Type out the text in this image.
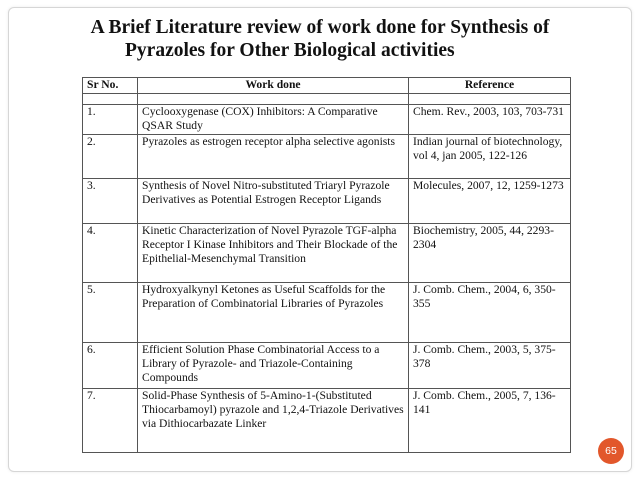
A Brief Literature review of work done for Synthesis of
Pyrazoles for Other Biological activities
Sr No.	Work done	Reference

1.	Cyclooxygenase (COX) Inhibitors: A Comparative QSAR Study	Chem. Rev., 2003, 103, 703-731
2.	Pyrazoles as estrogen receptor alpha selective agonists	Indian journal of biotechnology, vol 4, jan 2005, 122-126
3.	Synthesis of Novel Nitro-substituted Triaryl Pyrazole Derivatives as Potential Estrogen Receptor Ligands	Molecules, 2007, 12, 1259-1273
4.	Kinetic Characterization of Novel Pyrazole TGF-alpha Receptor I Kinase Inhibitors and Their Blockade of the Epithelial-Mesenchymal Transition	Biochemistry, 2005, 44, 2293-2304
5.	Hydroxyalkynyl Ketones as Useful Scaffolds for the Preparation of Combinatorial Libraries of Pyrazoles	J. Comb. Chem., 2004, 6, 350-355
6.	Efficient Solution Phase Combinatorial Access to a Library of Pyrazole- and Triazole-Containing Compounds	J. Comb. Chem., 2003, 5, 375-378
7.	Solid-Phase Synthesis of 5-Amino-1-(Substituted Thiocarbamoyl) pyrazole and 1,2,4-Triazole Derivatives via Dithiocarbazate Linker	J. Comb. Chem., 2005, 7, 136-141
65
